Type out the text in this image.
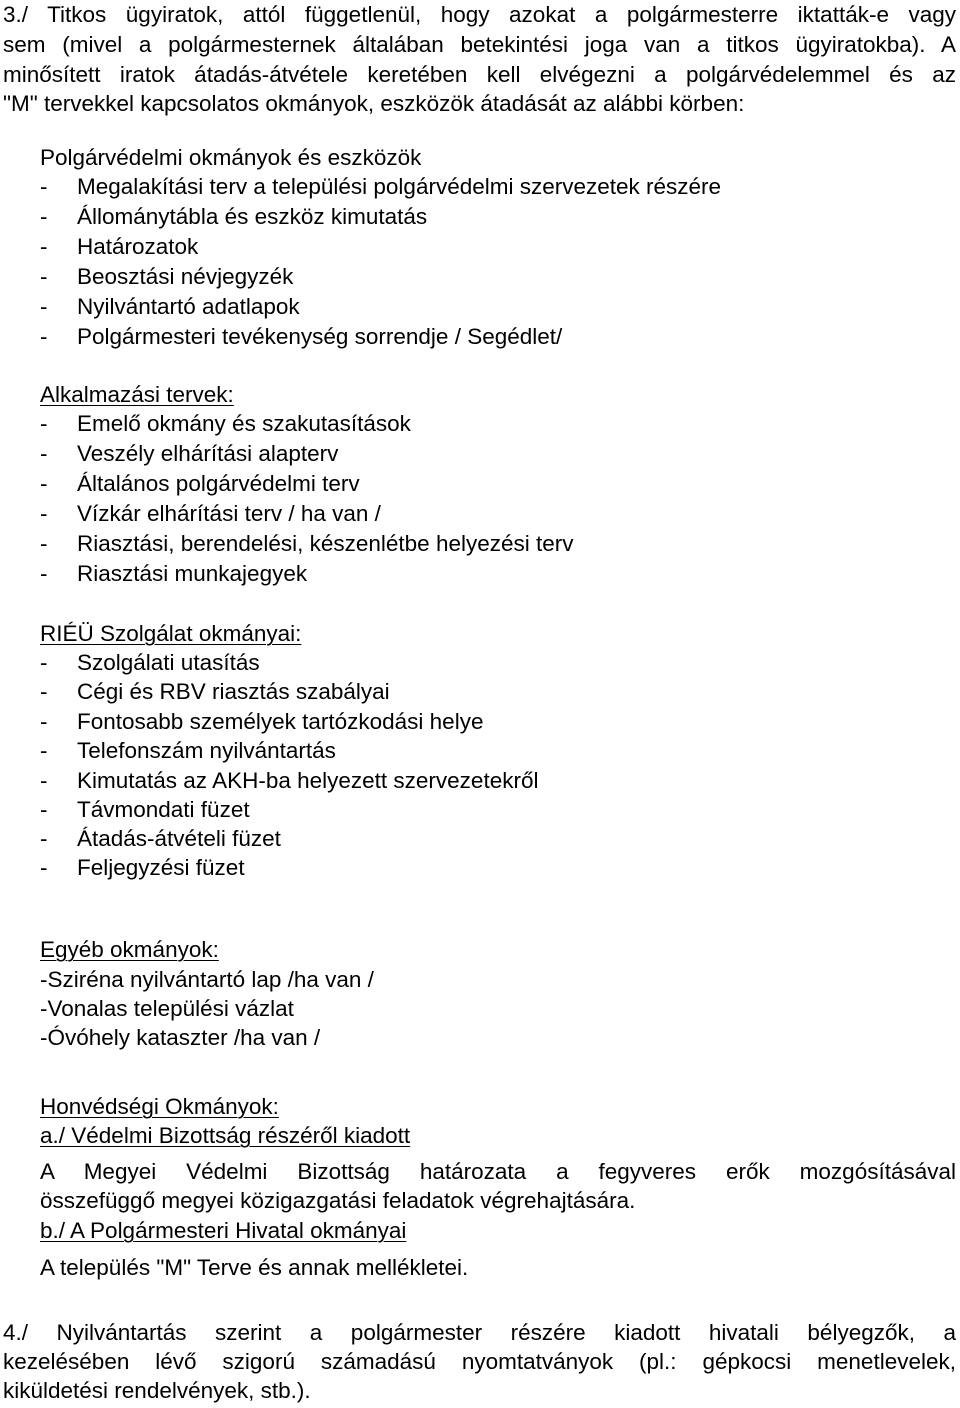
3./ Titkos ügyiratok, attól függetlenül, hogy azokat a polgármesterre iktatták-e vagy
sem (mivel a polgármesternek általában betekintési joga van a titkos ügyiratokba). A
minősített iratok átadás-átvétele keretében kell elvégezni a polgárvédelemmel és az
"M" tervekkel kapcsolatos okmányok, eszközök átadását az alábbi körben:
Polgárvédelmi okmányok és eszközök
- Megalakítási terv a települési polgárvédelmi szervezetek részére
- Állománytábla és eszköz kimutatás
- Határozatok
- Beosztási névjegyzék
- Nyilvántartó adatlapok
- Polgármesteri tevékenység sorrendje / Segédlet/
Alkalmazási tervek:
- Emelő okmány és szakutasítások
- Veszély elhárítási alapterv
- Általános polgárvédelmi terv
- Vízkár elhárítási terv / ha van /
- Riasztási, berendelési, készenlétbe helyezési terv
- Riasztási munkajegyek
RIÉÜ Szolgálat okmányai:
- Szolgálati utasítás
- Cégi és RBV riasztás szabályai
- Fontosabb személyek tartózkodási helye
- Telefonszám nyilvántartás
- Kimutatás az AKH-ba helyezett szervezetekről
- Távmondati füzet
- Átadás-átvételi füzet
- Feljegyzési füzet
Egyéb okmányok:
-Sziréna nyilvántartó lap /ha van /
-Vonalas települési vázlat
-Óvóhely kataszter /ha van /
Honvédségi Okmányok:
a./ Védelmi Bizottság részéről kiadott
A Megyei Védelmi Bizottság határozata a fegyveres erők mozgósításával
összefüggő megyei közigazgatási feladatok végrehajtására.
b./ A Polgármesteri Hivatal okmányai
A település "M" Terve és annak mellékletei.
4./ Nyilvántartás szerint a polgármester részére kiadott hivatali bélyegzők, a
kezelésében lévő szigorú számadású nyomtatványok (pl.: gépkocsi menetlevelek,
kiküldetési rendelvények, stb.).
